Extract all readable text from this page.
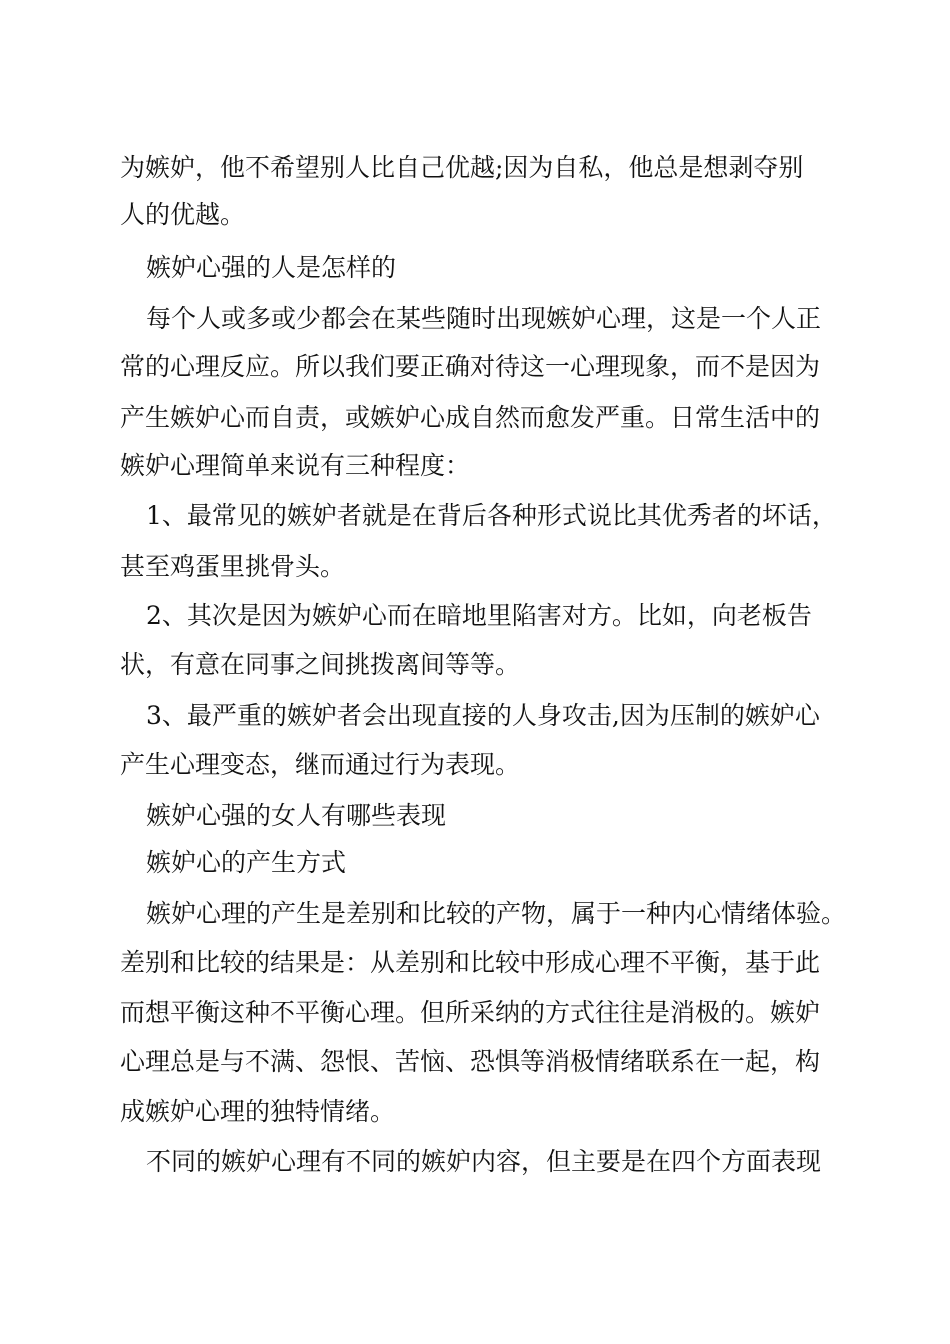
为嫉妒，他不希望别人比自己优越;因为自私，他总是想剥夺别

人的优越。

嫉妒心强的人是怎样的

每个人或多或少都会在某些随时出现嫉妒心理，这是一个人正

常的心理反应。所以我们要正确对待这一心理现象，而不是因为

产生嫉妒心而自责，或嫉妒心成自然而愈发严重。日常生活中的

嫉妒心理简单来说有三种程度：

1、最常见的嫉妒者就是在背后各种形式说比其优秀者的坏话，

甚至鸡蛋里挑骨头。

2、其次是因为嫉妒心而在暗地里陷害对方。比如，向老板告

状，有意在同事之间挑拨离间等等。

3、最严重的嫉妒者会出现直接的人身攻击,因为压制的嫉妒心

产生心理变态，继而通过行为表现。

嫉妒心强的女人有哪些表现

嫉妒心的产生方式

嫉妒心理的产生是差别和比较的产物，属于一种内心情绪体验。

差别和比较的结果是：从差别和比较中形成心理不平衡，基于此

而想平衡这种不平衡心理。但所采纳的方式往往是消极的。嫉妒

心理总是与不满、怨恨、苦恼、恐惧等消极情绪联系在一起，构

成嫉妒心理的独特情绪。

不同的嫉妒心理有不同的嫉妒内容，但主要是在四个方面表现
